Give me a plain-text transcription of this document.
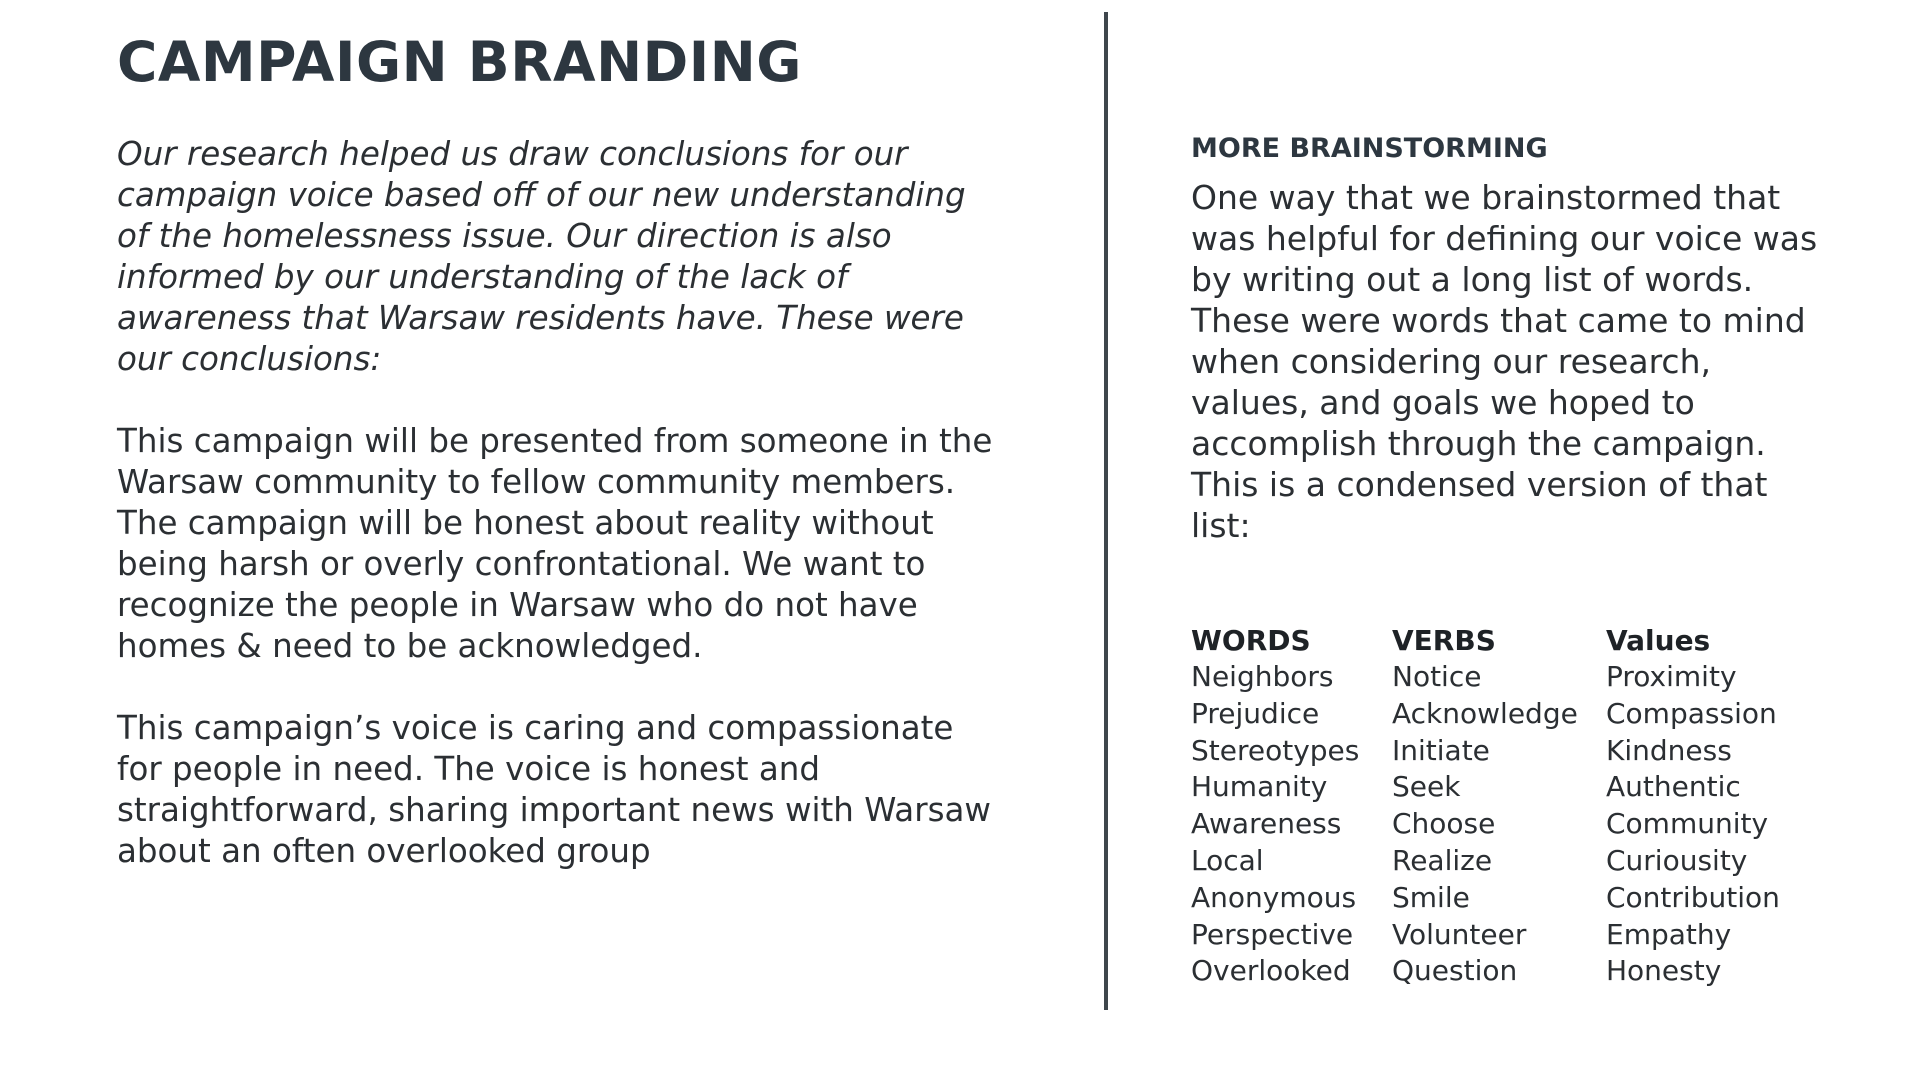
CAMPAIGN BRANDING

Our research helped us draw conclusions for our campaign voice based off of our new understanding of the homelessness issue. Our direction is also informed by our understanding of the lack of awareness that Warsaw residents have. These were our conclusions:

This campaign will be presented from someone in the Warsaw community to fellow community members. The campaign will be honest about reality without being harsh or overly confrontational. We want to recognize the people in Warsaw who do not have homes & need to be acknowledged.

This campaign’s voice is caring and compassionate for people in need. The voice is honest and straightforward, sharing important news with Warsaw about an often overlooked group

MORE BRAINSTORMING

One way that we brainstormed that was helpful for defining our voice was by writing out a long list of words. These were words that came to mind when considering our research, values, and goals we hoped to accomplish through the campaign. This is a condensed version of that list:

WORDS
Neighbors
Prejudice
Stereotypes
Humanity
Awareness
Local
Anonymous
Perspective
Overlooked
VERBS
Notice
Acknowledge
Initiate
Seek
Choose
Realize
Smile
Volunteer
Question
Values
Proximity
Compassion
Kindness
Authentic
Community
Curiousity
Contribution
Empathy
Honesty
